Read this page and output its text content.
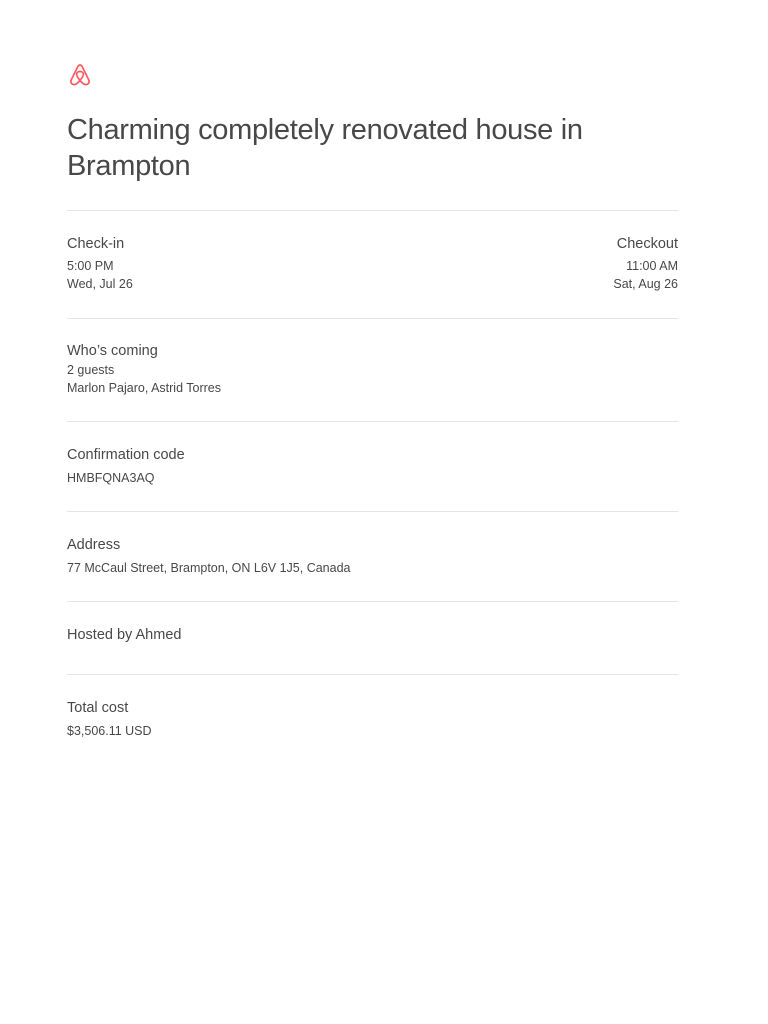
Charming completely renovated house in Brampton
Check-in
5:00 PM
Wed, Jul 26
Checkout
11:00 AM
Sat, Aug 26
Who’s coming
2 guests
Marlon Pajaro, Astrid Torres
Confirmation code
HMBFQNA3AQ
Address
77 McCaul Street, Brampton, ON L6V 1J5, Canada
Hosted by Ahmed
Total cost
$3,506.11 USD
